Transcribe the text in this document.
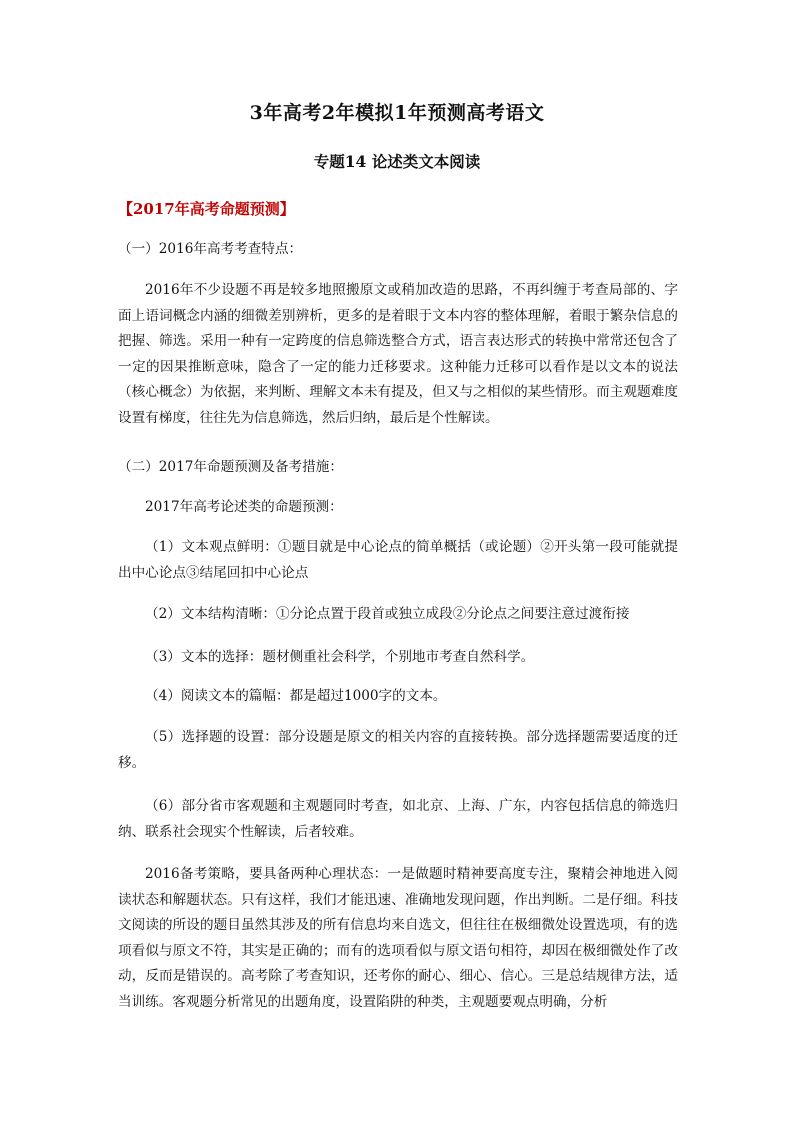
3年高考2年模拟1年预测高考语文
专题14 论述类文本阅读
【2017年高考命题预测】
（一）2016年高考考查特点：
2016年不少设题不再是较多地照搬原文或稍加改造的思路，不再纠缠于考查局部的、字面上语词概念内涵的细微差别辨析，更多的是着眼于文本内容的整体理解，着眼于繁杂信息的把握、筛选。采用一种有一定跨度的信息筛选整合方式，语言表达形式的转换中常常还包含了一定的因果推断意味，隐含了一定的能力迁移要求。这种能力迁移可以看作是以文本的说法（核心概念）为依据，来判断、理解文本未有提及，但又与之相似的某些情形。而主观题难度设置有梯度，往往先为信息筛选，然后归纳，最后是个性解读。
（二）2017年命题预测及备考措施：
2017年高考论述类的命题预测：
（1）文本观点鲜明：①题目就是中心论点的简单概括（或论题）②开头第一段可能就提出中心论点③结尾回扣中心论点
（2）文本结构清晰：①分论点置于段首或独立成段②分论点之间要注意过渡衔接
（3）文本的选择：题材侧重社会科学，个别地市考查自然科学。
（4）阅读文本的篇幅：都是超过1000字的文本。
（5）选择题的设置：部分设题是原文的相关内容的直接转换。部分选择题需要适度的迁移。
（6）部分省市客观题和主观题同时考查，如北京、上海、广东，内容包括信息的筛选归纳、联系社会现实个性解读，后者较难。
2016备考策略，要具备两种心理状态：一是做题时精神要高度专注，聚精会神地进入阅读状态和解题状态。只有这样，我们才能迅速、准确地发现问题，作出判断。二是仔细。科技文阅读的所设的题目虽然其涉及的所有信息均来自选文，但往往在极细微处设置选项，有的选项看似与原文不符，其实是正确的；而有的选项看似与原文语句相符，却因在极细微处作了改动，反而是错误的。高考除了考查知识，还考你的耐心、细心、信心。三是总结规律方法，适当训练。客观题分析常见的出题角度，设置陷阱的种类，主观题要观点明确，分析
